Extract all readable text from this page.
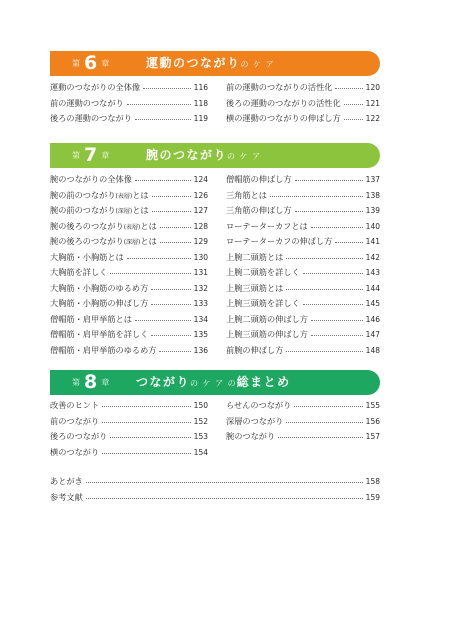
第 6 章	運動のつながりの ケ ア
運動のつながりの全体像	116
前の運動のつながり	118
後ろの運動のつながり	119
前の運動のつながりの活性化	120
後ろの運動のつながりの活性化	121
横の運動のつながりの伸ばし方	122
第 7 章	腕のつながりの ケ ア
腕のつながりの全体像	124
腕の前のつながり(表層)とは	126
腕の前のつながり(深層)とは	127
腕の後ろのつながり(表層)とは	128
腕の後ろのつながり(深層)とは	129
大胸筋・小胸筋とは	130
大胸筋を詳しく	131
大胸筋・小胸筋のゆるめ方	132
大胸筋・小胸筋の伸ばし方	133
僧帽筋・肩甲挙筋とは	134
僧帽筋・肩甲挙筋を詳しく	135
僧帽筋・肩甲挙筋のゆるめ方	136
僧帽筋の伸ばし方	137
三角筋とは	138
三角筋の伸ばし方	139
ローテーターカフとは	140
ローテーターカフの伸ばし方	141
上腕二頭筋とは	142
上腕二頭筋を詳しく	143
上腕三頭筋とは	144
上腕三頭筋を詳しく	145
上腕二頭筋の伸ばし方	146
上腕三頭筋の伸ばし方	147
前腕の伸ばし方	148
第 8 章 つながりの ケ ア の総まとめ
改善のヒント	150
前のつながり	152
後ろのつながり	153
横のつながり	154
らせんのつながり	155
深層のつながり	156
腕のつながり	157
あとがき	158
参考文献	159
